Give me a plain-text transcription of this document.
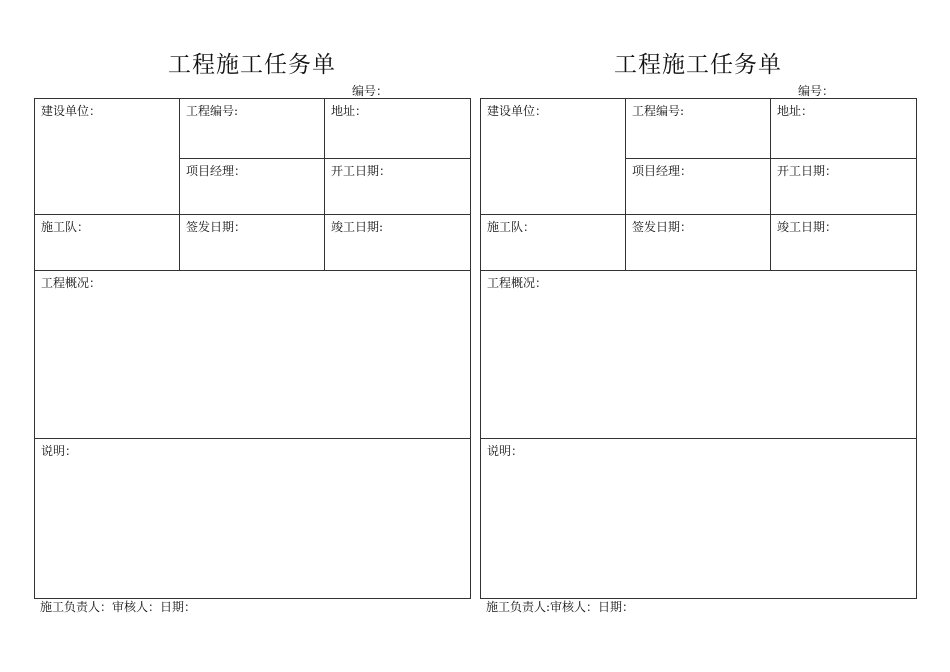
工程施工任务单
编号：
建设单位：	工程编号:	地址：
	项目经理：	开工日期：
施工队：	签发日期：	竣工日期:
工程概况：		
说明：		
施工负责人：审核人：日期：
工程施工任务单
编号：
建设单位：	工程编号:	地址：
	项目经理：	开工日期：
施工队：	签发日期：	竣工日期：
工程概况：		
说明：		
施工负责人:审核人：日期：
